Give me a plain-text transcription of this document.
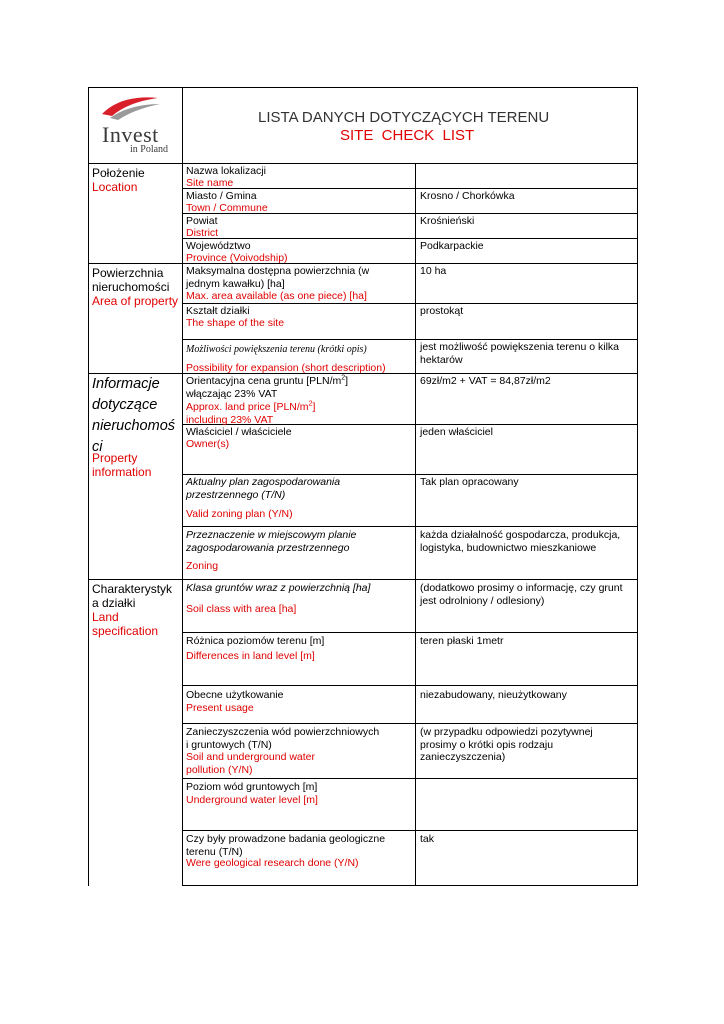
Invest
in Poland
LISTA DANYCH DOTYCZĄCYCH TERENU
SITE  CHECK  LIST
Położenie
Location
Powierzchnia
nieruchomości
Area of property
Informacje
dotyczące
nieruchomoś
ci
Property
information
Charakterystyk
a działki
Land
specification
Nazwa lokalizacji
Site name
Miasto / Gmina
Town / Commune
Krosno / Chorkówka
Powiat
District
Krośnieński
Województwo
Province (Voivodship)
Podkarpackie
Maksymalna dostępna powierzchnia (w
jednym kawałku) [ha]
Max. area available (as one piece) [ha]
10 ha
Kształt działki
The shape of the site
prostokąt
Możliwości powiększenia terenu (krótki opis)
Possibility for expansion (short description)
jest możliwość powiększenia terenu o kilka
hektarów
Orientacyjna cena gruntu $[PLN/m^2]$
włączając 23% VAT
Approx. land price $[PLN/m^2]$
including 23% VAT
69zł/m2 + VAT = 84,87zł/m2
Właściciel / właściciele
Owner(s)
jeden właściciel
Aktualny plan zagospodarowania
przestrzennego (T/N)
Valid zoning plan (Y/N)
Tak plan opracowany
Przeznaczenie w miejscowym planie
zagospodarowania przestrzennego
Zoning
każda działalność gospodarcza, produkcja,
logistyka, budownictwo mieszkaniowe
Klasa gruntów wraz z powierzchnią [ha]
Soil class with area [ha]
(dodatkowo prosimy o informację, czy grunt
jest odrolniony / odlesiony)
Różnica poziomów terenu [m]
Differences in land level [m]
teren płaski 1metr
Obecne użytkowanie
Present usage
niezabudowany, nieużytkowany
Zanieczyszczenia wód powierzchniowych
i gruntowych (T/N)
Soil and underground water
pollution (Y/N)
(w przypadku odpowiedzi pozytywnej
prosimy o krótki opis rodzaju
zanieczyszczenia)
Poziom wód gruntowych [m]
Underground water level [m]
Czy były prowadzone badania geologiczne
terenu (T/N)
Were geological research done (Y/N)
tak
